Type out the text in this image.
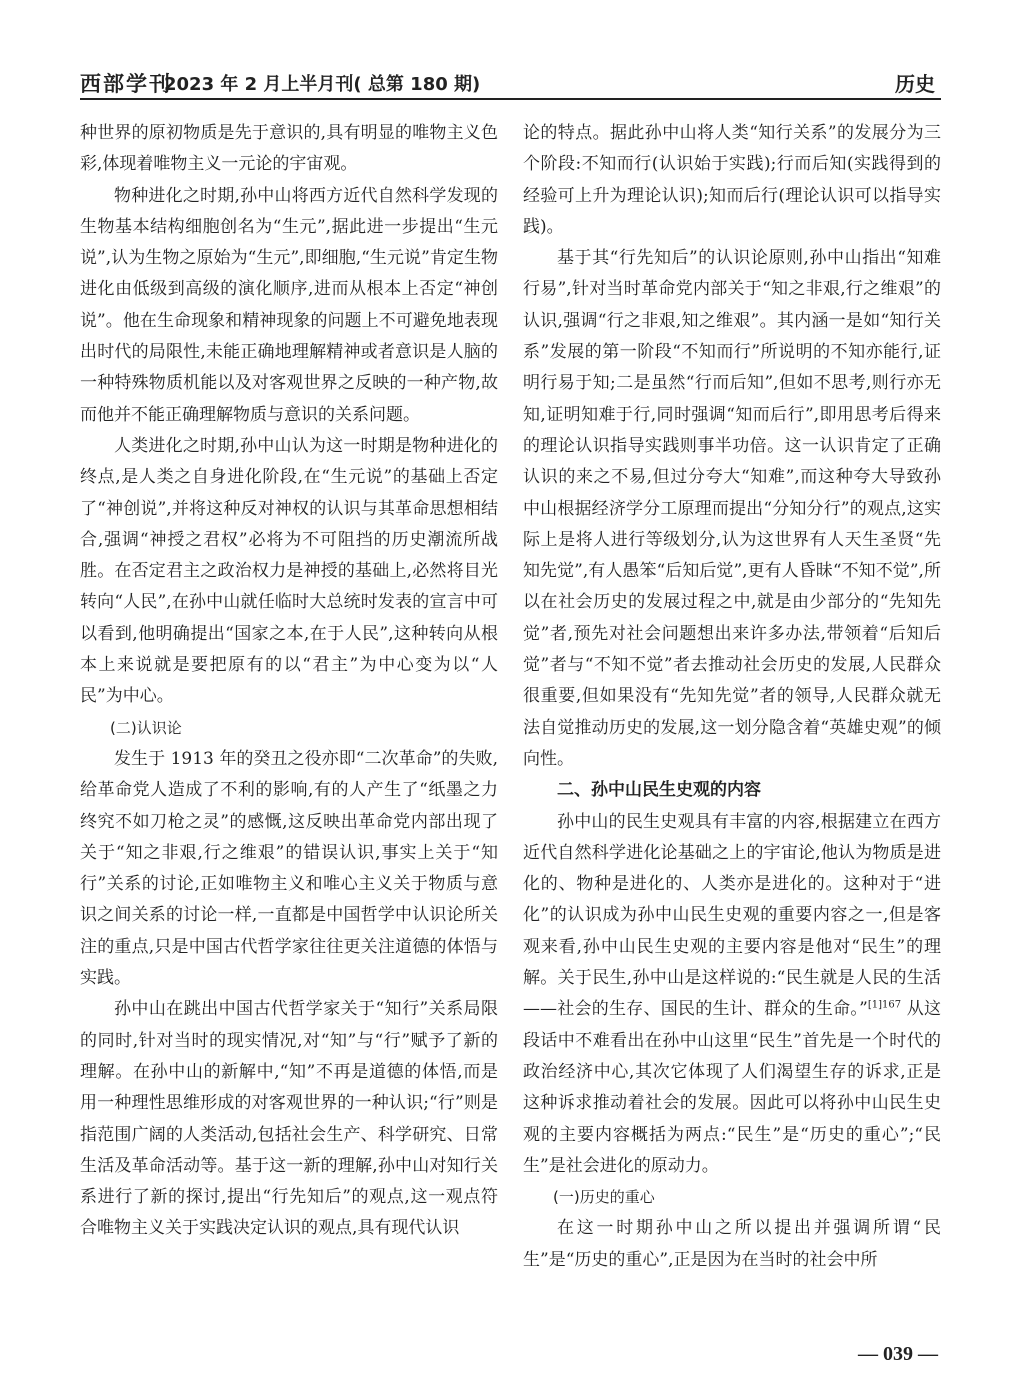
西部学刊
2023 年 2 月上半月刊( 总第 180 期)	历史

种世界的原初物质是先于意识的,具有明显的唯物主义色彩,体现着唯物主义一元论的宇宙观。

物种进化之时期,孙中山将西方近代自然科学发现的生物基本结构细胞创名为“生元”,据此进一步提出“生元说”,认为生物之原始为“生元”,即细胞,“生元说”肯定生物进化由低级到高级的演化顺序,进而从根本上否定“神创说”。他在生命现象和精神现象的问题上不可避免地表现出时代的局限性,未能正确地理解精神或者意识是人脑的一种特殊物质机能以及对客观世界之反映的一种产物,故而他并不能正确理解物质与意识的关系问题。

人类进化之时期,孙中山认为这一时期是物种进化的终点,是人类之自身进化阶段,在“生元说”的基础上否定了“神创说”,并将这种反对神权的认识与其革命思想相结合,强调“神授之君权”必将为不可阻挡的历史潮流所战胜。在否定君主之政治权力是神授的基础上,必然将目光转向“人民”,在孙中山就任临时大总统时发表的宣言中可以看到,他明确提出“国家之本,在于人民”,这种转向从根本上来说就是要把原有的以“君主”为中心变为以“人民”为中心。

(二)认识论

发生于 1913 年的癸丑之役亦即“二次革命”的失败,给革命党人造成了不利的影响,有的人产生了“纸墨之力终究不如刀枪之灵”的感慨,这反映出革命党内部出现了关于“知之非艰,行之维艰”的错误认识,事实上关于“知行”关系的讨论,正如唯物主义和唯心主义关于物质与意识之间关系的讨论一样,一直都是中国哲学中认识论所关注的重点,只是中国古代哲学家往往更关注道德的体悟与实践。

孙中山在跳出中国古代哲学家关于“知行”关系局限的同时,针对当时的现实情况,对“知”与“行”赋予了新的理解。在孙中山的新解中,“知”不再是道德的体悟,而是用一种理性思维形成的对客观世界的一种认识;“行”则是指范围广阔的人类活动,包括社会生产、科学研究、日常生活及革命活动等。基于这一新的理解,孙中山对知行关系进行了新的探讨,提出“行先知后”的观点,这一观点符合唯物主义关于实践决定认识的观点,具有现代认识

论的特点。据此孙中山将人类“知行关系”的发展分为三个阶段:不知而行(认识始于实践);行而后知(实践得到的经验可上升为理论认识);知而后行(理论认识可以指导实践)。

基于其“行先知后”的认识论原则,孙中山指出“知难行易”,针对当时革命党内部关于“知之非艰,行之维艰”的认识,强调“行之非艰,知之维艰”。其内涵一是如“知行关系”发展的第一阶段“不知而行”所说明的不知亦能行,证明行易于知;二是虽然“行而后知”,但如不思考,则行亦无知,证明知难于行,同时强调“知而后行”,即用思考后得来的理论认识指导实践则事半功倍。这一认识肯定了正确认识的来之不易,但过分夸大“知难”,而这种夸大导致孙中山根据经济学分工原理而提出“分知分行”的观点,这实际上是将人进行等级划分,认为这世界有人天生圣贤“先知先觉”,有人愚笨“后知后觉”,更有人昏昧“不知不觉”,所以在社会历史的发展过程之中,就是由少部分的“先知先觉”者,预先对社会问题想出来许多办法,带领着“后知后觉”者与“不知不觉”者去推动社会历史的发展,人民群众很重要,但如果没有“先知先觉”者的领导,人民群众就无法自觉推动历史的发展,这一划分隐含着“英雄史观”的倾向性。

二、孙中山民生史观的内容

孙中山的民生史观具有丰富的内容,根据建立在西方近代自然科学进化论基础之上的宇宙论,他认为物质是进化的、物种是进化的、人类亦是进化的。这种对于“进化”的认识成为孙中山民生史观的重要内容之一,但是客观来看,孙中山民生史观的主要内容是他对“民生”的理解。关于民生,孙中山是这样说的:“民生就是人民的生活——社会的生存、国民的生计、群众的生命。”$^{[1]167}$ 从这段话中不难看出在孙中山这里“民生”首先是一个时代的政治经济中心,其次它体现了人们渴望生存的诉求,正是这种诉求推动着社会的发展。因此可以将孙中山民生史观的主要内容概括为两点:“民生”是“历史的重心”;“民生”是社会进化的原动力。

(一)历史的重心

在这一时期孙中山之所以提出并强调所谓“民生”是“历史的重心”,正是因为在当时的社会中所

— 039 —
